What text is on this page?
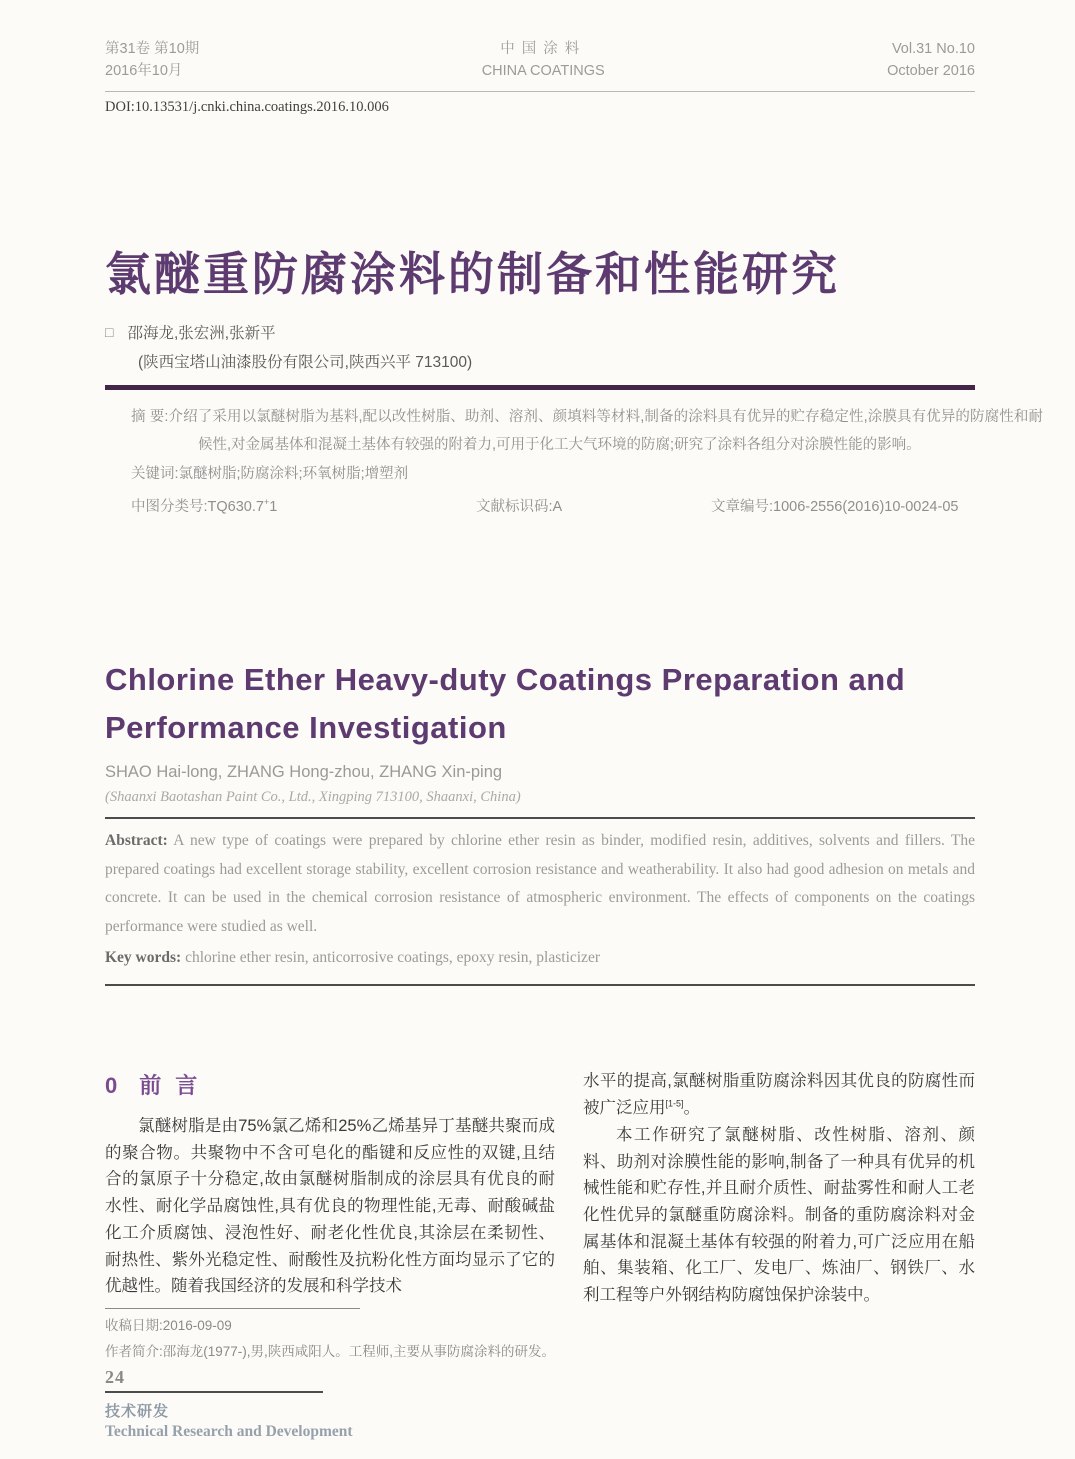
第31卷 第10期
2016年10月
中国涂料
CHINA COATINGS
Vol.31 No.10
October 2016
DOI:10.13531/j.cnki.china.coatings.2016.10.006
氯醚重防腐涂料的制备和性能研究
□ 邵海龙,张宏洲,张新平
(陕西宝塔山油漆股份有限公司,陕西兴平 713100)
摘 要:介绍了采用以氯醚树脂为基料,配以改性树脂、助剂、溶剂、颜填料等材料,制备的涂料具有优异的贮存稳定性,涂膜具有优异的防腐性和耐候性,对金属基体和混凝土基体有较强的附着力,可用于化工大气环境的防腐;研究了涂料各组分对涂膜性能的影响。
关键词:氯醚树脂;防腐涂料;环氧树脂;增塑剂
中图分类号:TQ630.7+1	文献标识码:A	文章编号:1006-2556(2016)10-0024-05
Chlorine Ether Heavy-duty Coatings Preparation and
Performance Investigation
SHAO Hai-long, ZHANG Hong-zhou, ZHANG Xin-ping
(Shaanxi Baotashan Paint Co., Ltd., Xingping 713100, Shaanxi, China)
Abstract: A new type of coatings were prepared by chlorine ether resin as binder, modified resin, additives, solvents and fillers. The prepared coatings had excellent storage stability, excellent corrosion resistance and weatherability. It also had good adhesion on metals and concrete. It can be used in the chemical corrosion resistance of atmospheric environment. The effects of components on the coatings performance were studied as well.
Key words: chlorine ether resin, anticorrosive coatings, epoxy resin, plasticizer
0 前言
氯醚树脂是由75%氯乙烯和25%乙烯基异丁基醚共聚而成的聚合物。共聚物中不含可皂化的酯键和反应性的双键,且结合的氯原子十分稳定,故由氯醚树脂制成的涂层具有优良的耐水性、耐化学品腐蚀性,具有优良的物理性能,无毒、耐酸碱盐化工介质腐蚀、浸泡性好、耐老化性优良,其涂层在柔韧性、耐热性、紫外光稳定性、耐酸性及抗粉化性方面均显示了它的优越性。随着我国经济的发展和科学技术
收稿日期:2016-09-09
作者简介:邵海龙(1977-),男,陕西咸阳人。工程师,主要从事防腐涂料的研发。
水平的提高,氯醚树脂重防腐涂料因其优良的防腐性而被广泛应用[1-5]。
本工作研究了氯醚树脂、改性树脂、溶剂、颜料、助剂对涂膜性能的影响,制备了一种具有优异的机械性能和贮存性,并且耐介质性、耐盐雾性和耐人工老化性优异的氯醚重防腐涂料。制备的重防腐涂料对金属基体和混凝土基体有较强的附着力,可广泛应用在船舶、集装箱、化工厂、发电厂、炼油厂、钢铁厂、水利工程等户外钢结构防腐蚀保护涂装中。
24
技术研发
Technical Research and Development
